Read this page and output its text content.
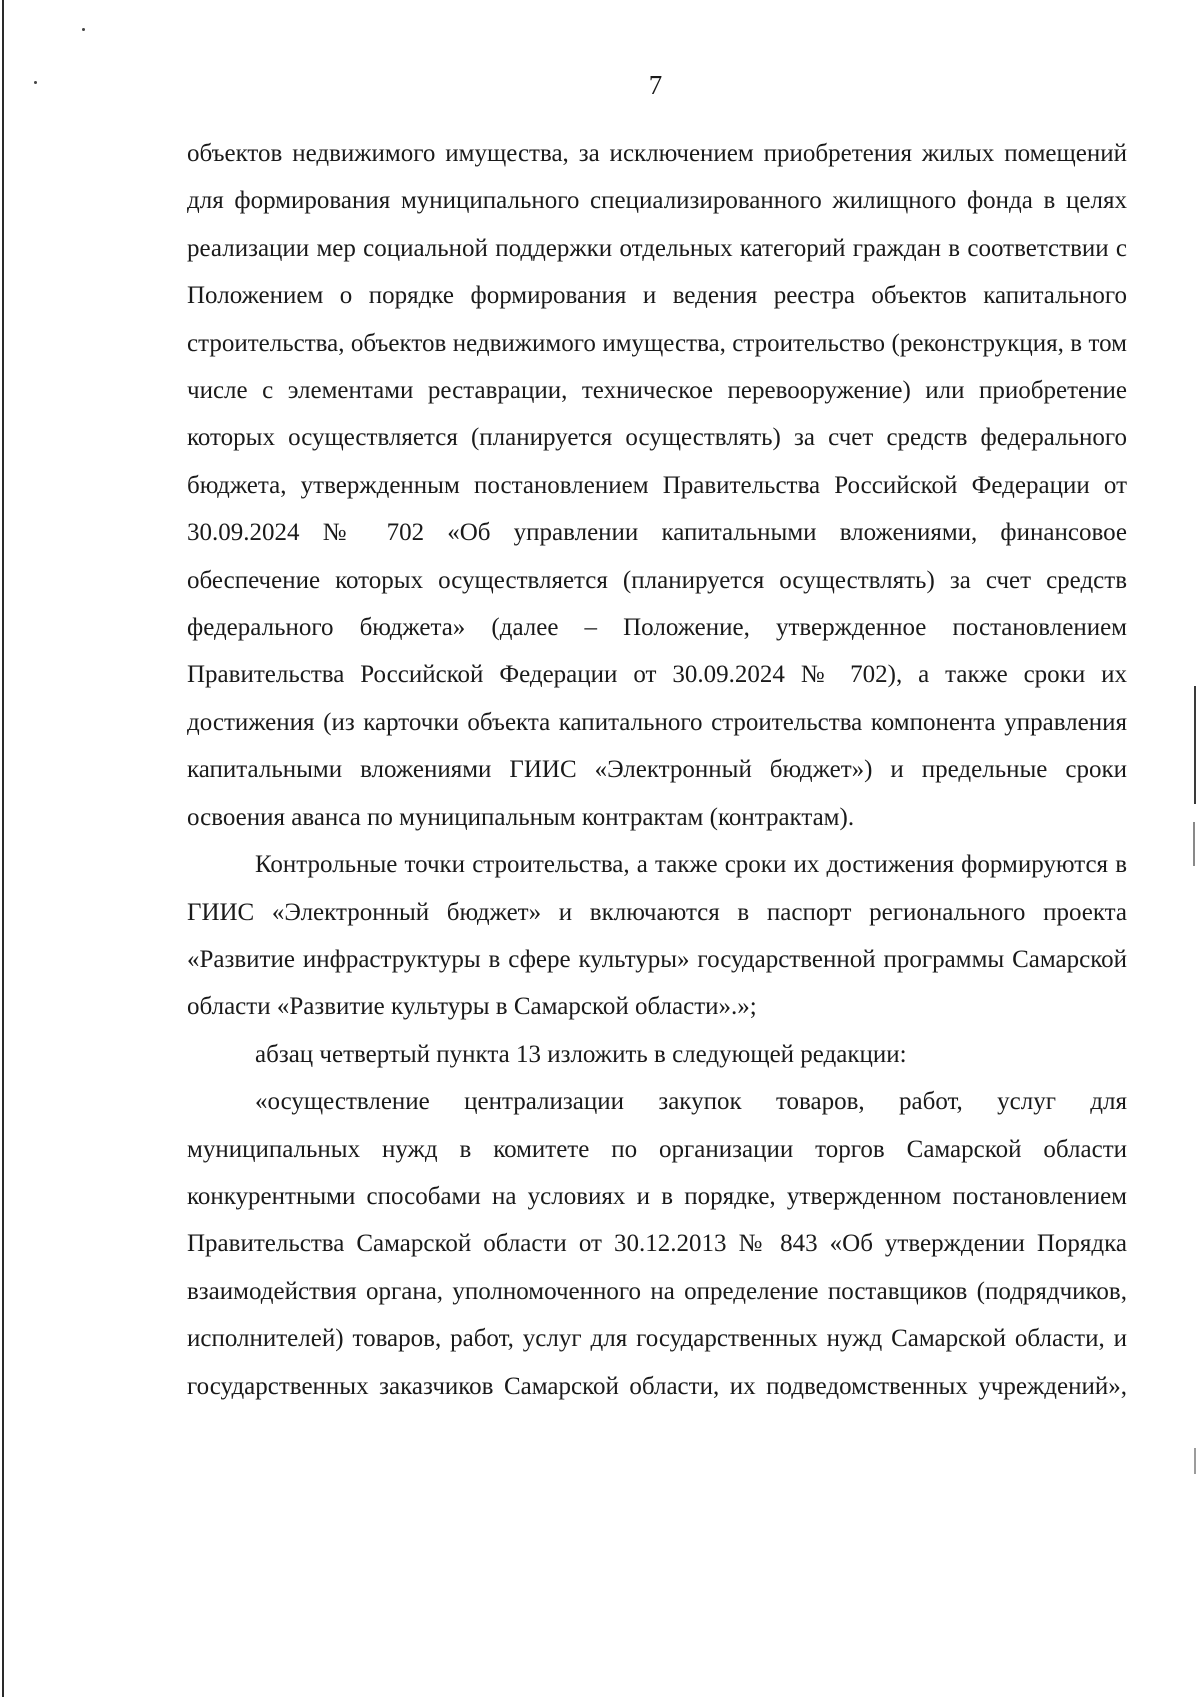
7

объектов недвижимого имущества, за исключением приобретения жилых помещений для формирования муниципального специализированного жилищного фонда в целях реализации мер социальной поддержки отдельных категорий граждан в соответствии с Положением о порядке формирования и ведения реестра объектов капитального строительства, объектов недвижимого имущества, строительство (реконструкция, в том числе с элементами реставрации, техническое перевооружение) или приобретение которых осуществляется (планируется осуществлять) за счет средств федерального бюджета, утвержденным постановлением Правительства Российской Федерации от 30.09.2024 № 702 «Об управлении капитальными вложениями, финансовое обеспечение которых осуществляется (планируется осуществлять) за счет средств федерального бюджета» (далее – Положение, утвержденное постановлением Правительства Российской Федерации от 30.09.2024 № 702), а также сроки их достижения (из карточки объекта капитального строительства компонента управления капитальными вложениями ГИИС «Электронный бюджет») и предельные сроки освоения аванса по муниципальным контрактам (контрактам).

Контрольные точки строительства, а также сроки их достижения формируются в ГИИС «Электронный бюджет» и включаются в паспорт регионального проекта «Развитие инфраструктуры в сфере культуры» государственной программы Самарской области «Развитие культуры в Самарской области».»;

абзац четвертый пункта 13 изложить в следующей редакции:

«осуществление централизации закупок товаров, работ, услуг для муниципальных нужд в комитете по организации торгов Самарской области конкурентными способами на условиях и в порядке, утвержденном постановлением Правительства Самарской области от 30.12.2013 № 843 «Об утверждении Порядка взаимодействия органа, уполномоченного на определение поставщиков (подрядчиков, исполнителей) товаров, работ, услуг для государственных нужд Самарской области, и государственных заказчиков Самарской области, их подведомственных учреждений»,
